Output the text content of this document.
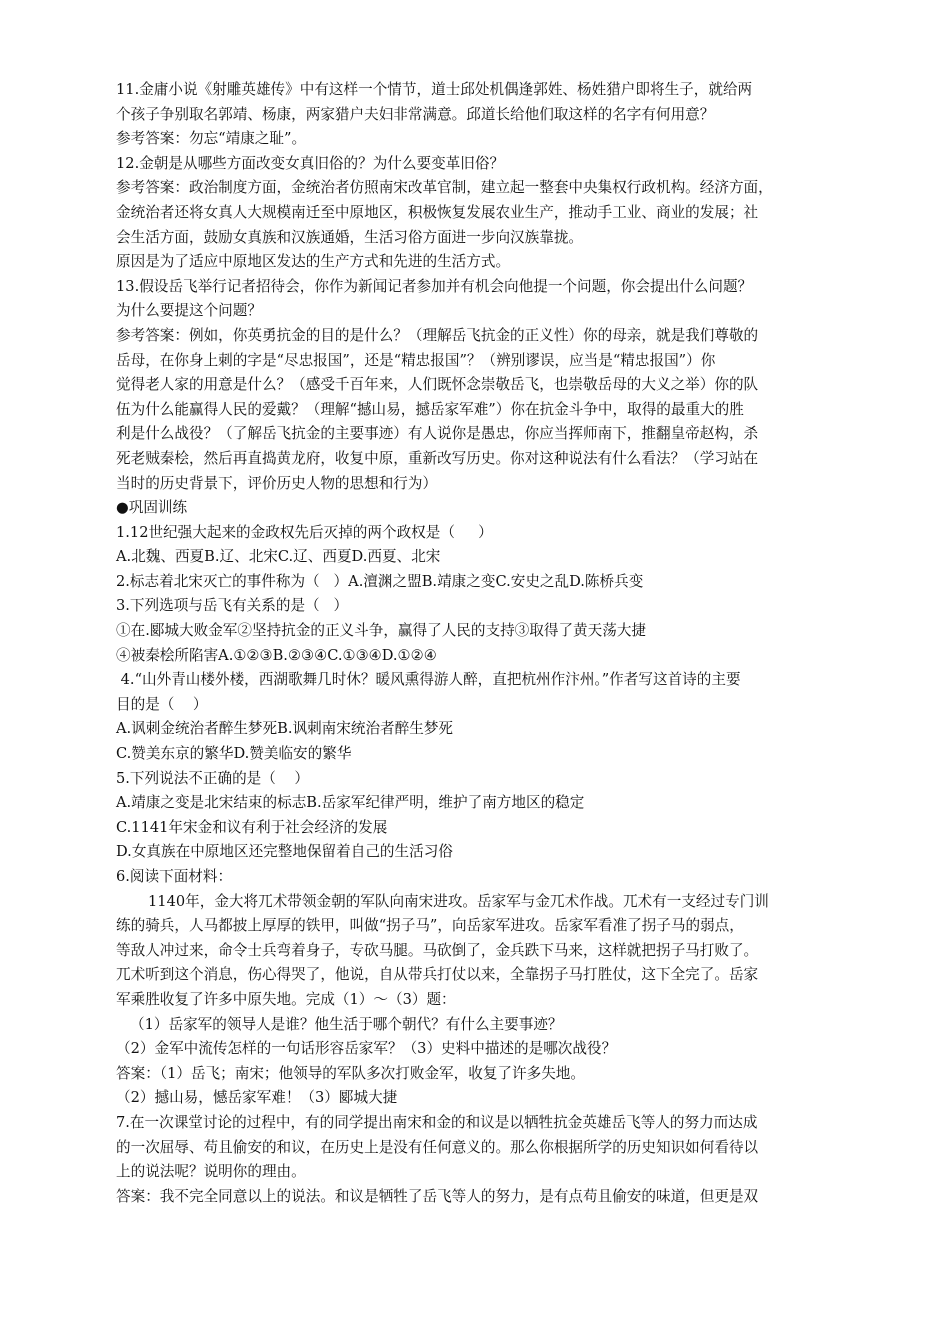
11.金庸小说《射雕英雄传》中有这样一个情节，道士邱处机偶逢郭姓、杨姓猎户即将生子，就给两
个孩子争别取名郭靖、杨康，两家猎户夫妇非常满意。邱道长给他们取这样的名字有何用意？
参考答案：勿忘“靖康之耻”。
12.金朝是从哪些方面改变女真旧俗的？为什么要变革旧俗？
参考答案：政治制度方面，金统治者仿照南宋改革官制，建立起一整套中央集权行政机构。经济方面，
金统治者还将女真人大规模南迁至中原地区，积极恢复发展农业生产，推动手工业、商业的发展；社
会生活方面，鼓励女真族和汉族通婚，生活习俗方面进一步向汉族靠拢。
原因是为了适应中原地区发达的生产方式和先进的生活方式。
13.假设岳飞举行记者招待会，你作为新闻记者参加并有机会向他提一个问题，你会提出什么问题？
为什么要提这个问题？
参考答案：例如，你英勇抗金的目的是什么？（理解岳飞抗金的正义性）你的母亲，就是我们尊敬的
岳母，在你身上刺的字是“尽忠报国”，还是“精忠报国”？（辨别谬误，应当是“精忠报国”）你
觉得老人家的用意是什么？（感受千百年来，人们既怀念崇敬岳飞，也崇敬岳母的大义之举）你的队
伍为什么能赢得人民的爱戴？（理解“撼山易，撼岳家军难”）你在抗金斗争中，取得的最重大的胜
利是什么战役？（了解岳飞抗金的主要事迹）有人说你是愚忠，你应当挥师南下，推翻皇帝赵构，杀
死老贼秦桧，然后再直捣黄龙府，收复中原，重新改写历史。你对这种说法有什么看法？（学习站在
当时的历史背景下，评价历史人物的思想和行为）
●巩固训练
1.12世纪强大起来的金政权先后灭掉的两个政权是（     ）
A.北魏、西夏B.辽、北宋C.辽、西夏D.西夏、北宋
2.标志着北宋灭亡的事件称为（   ）A.澶渊之盟B.靖康之变C.安史之乱D.陈桥兵变
3.下列选项与岳飞有关系的是（   ）
①在.郾城大败金军②坚持抗金的正义斗争，赢得了人民的支持③取得了黄天荡大捷
④被秦桧所陷害A.①②③B.②③④C.①③④D.①②④
4.“山外青山楼外楼，西湖歌舞几时休？暖风熏得游人醉，直把杭州作汴州。”作者写这首诗的主要
目的是（    ）
A.讽刺金统治者醉生梦死B.讽刺南宋统治者醉生梦死
C.赞美东京的繁华D.赞美临安的繁华
5.下列说法不正确的是（    ）
A.靖康之变是北宋结束的标志B.岳家军纪律严明，维护了南方地区的稳定
C.1141年宋金和议有利于社会经济的发展
D.女真族在中原地区还完整地保留着自己的生活习俗
6.阅读下面材料：
1140年，金大将兀术带领金朝的军队向南宋进攻。岳家军与金兀术作战。兀术有一支经过专门训
练的骑兵，人马都披上厚厚的铁甲，叫做“拐子马”，向岳家军进攻。岳家军看准了拐子马的弱点，
等敌人冲过来，命令士兵弯着身子，专砍马腿。马砍倒了，金兵跌下马来，这样就把拐子马打败了。
兀术听到这个消息，伤心得哭了，他说，自从带兵打仗以来，全靠拐子马打胜仗，这下全完了。岳家
军乘胜收复了许多中原失地。完成（1）～（3）题：
（1）岳家军的领导人是谁？他生活于哪个朝代？有什么主要事迹？
（2）金军中流传怎样的一句话形容岳家军？（3）史料中描述的是哪次战役？
答案：（1）岳飞；南宋；他领导的军队多次打败金军，收复了许多失地。
（2）撼山易，憾岳家军难！（3）郾城大捷
7.在一次课堂讨论的过程中，有的同学提出南宋和金的和议是以牺牲抗金英雄岳飞等人的努力而达成
的一次屈辱、苟且偷安的和议，在历史上是没有任何意义的。那么你根据所学的历史知识如何看待以
上的说法呢？说明你的理由。
答案：我不完全同意以上的说法。和议是牺牲了岳飞等人的努力，是有点苟且偷安的味道，但更是双
